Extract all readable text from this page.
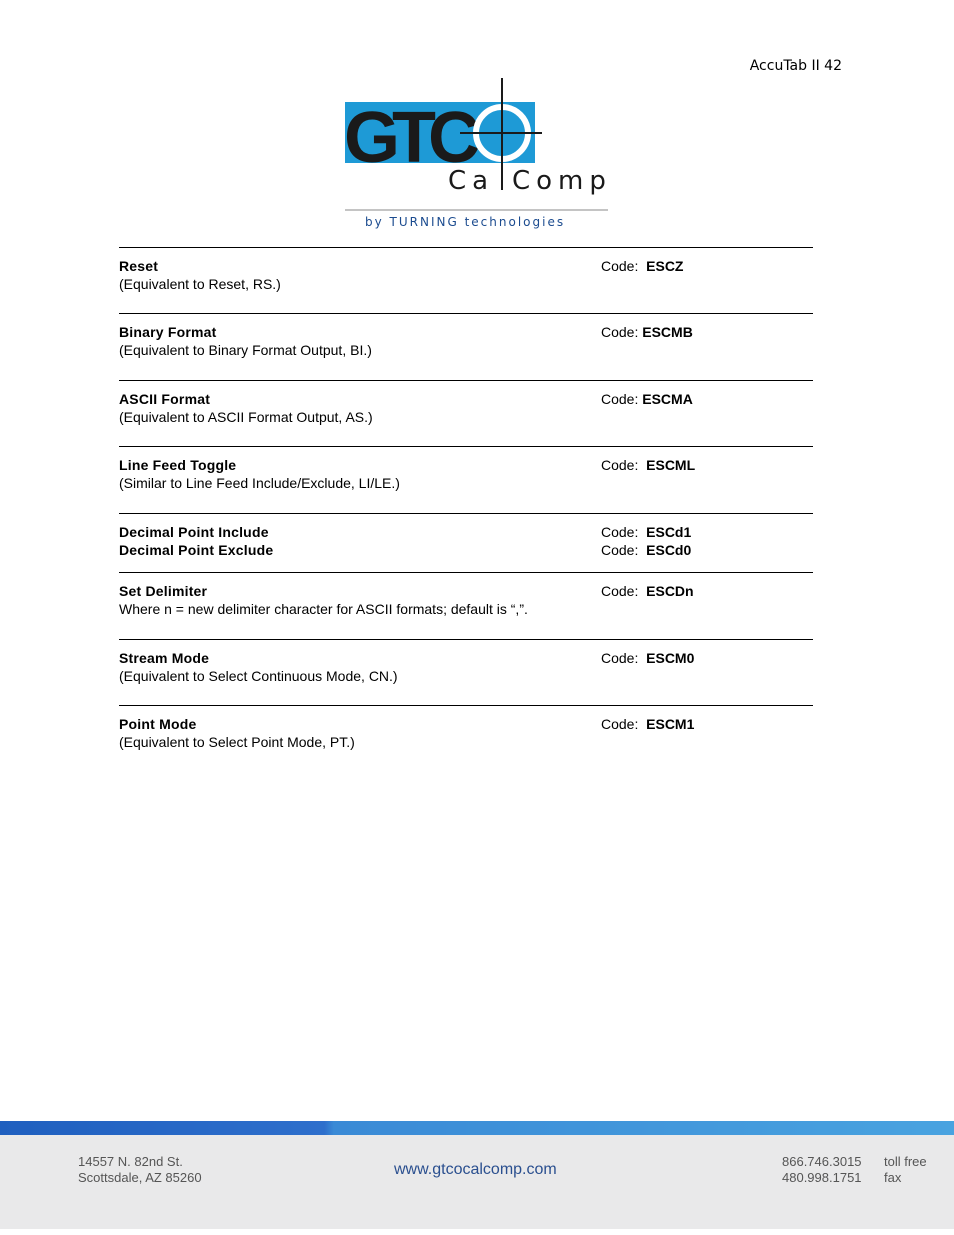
AccuTab II 42
GTC
Ca Comp
by TURNING technologies
Reset
(Equivalent to Reset, RS.)
Code: ESCZ
Binary Format
(Equivalent to Binary Format Output, BI.)
Code: ESCMB
ASCII Format
(Equivalent to ASCII Format Output, AS.)
Code: ESCMA
Line Feed Toggle
(Similar to Line Feed Include/Exclude, LI/LE.)
Code: ESCML
Decimal Point Include
Decimal Point Exclude
Code: ESCd1
Code: ESCd0
Set Delimiter
Where n = new delimiter character for ASCII formats; default is “,”.
Code: ESCDn
Stream Mode
(Equivalent to Select Continuous Mode, CN.)
Code: ESCM0
Point Mode
(Equivalent to Select Point Mode, PT.)
Code: ESCM1
14557 N. 82nd St.
Scottsdale, AZ 85260	www.gtcocalcomp.com	866.746.3015
480.998.1751
toll free
fax
